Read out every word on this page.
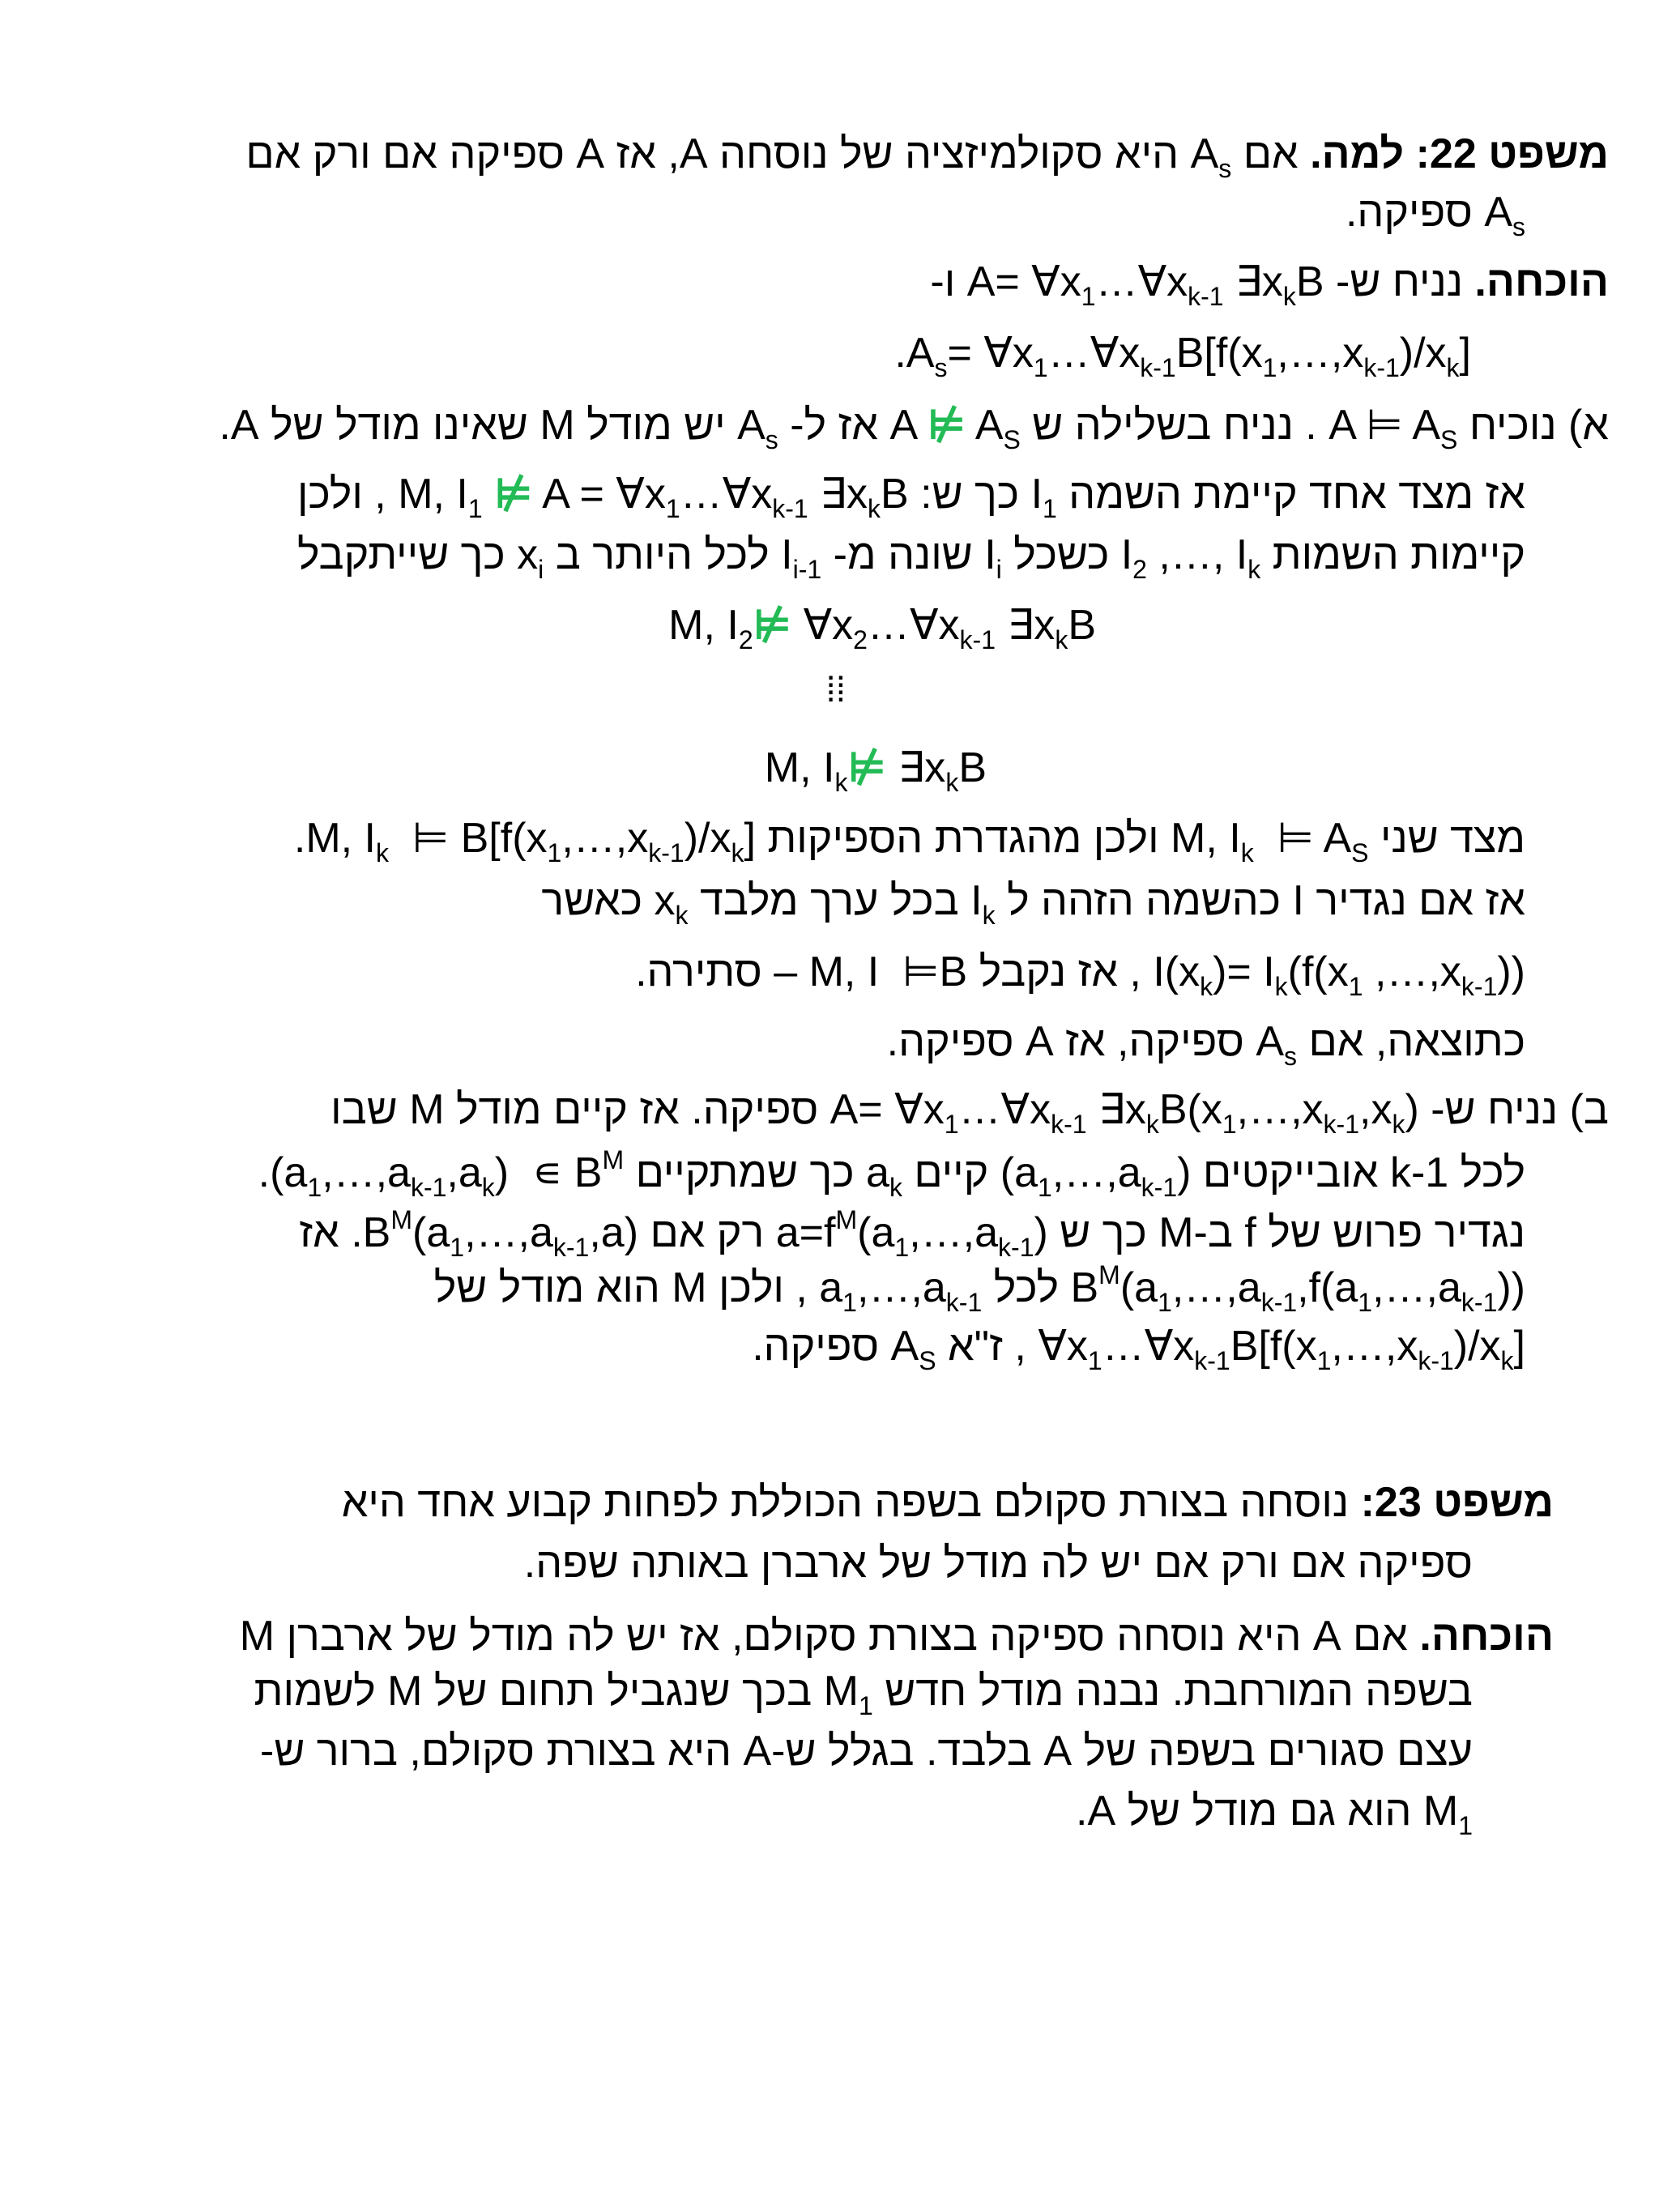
משפט 22: למה. אם $A_s$ היא סקולמיזציה של נוסחה A, אז A ספיקה אם ורק אם
$A_s$ ספיקה.
הוכחה. נניח ש- $A= \forall x_1\dots\forall x_{k-1}$ $\exists x_kB$ ו-
$.A_s=$ $\forall x_1\dots\forall x_{k-1}B[f(x_1,\dots,x_{k-1})/x_k]$
א) נוכיח A ⊨ $A_S$ . נניח בשלילה ש A ⊭ $A_S$ אז ל- $A_s$ יש מודל M שאינו מודל של A.
אז מצד אחד קיימת השמה $I_1$ כך ש: M, $I_1$ ⊭ $A = \forall x_1\dots\forall x_{k-1}$ $\exists x_kB$ , ולכן
קיימות השמות $I_2$ ,…, $I_k$ כשכל $I_i$ שונה מ- $I_{i-1}$ לכל היותר ב $x_i$ כך שייתקבל
M, $I_2⊭$ $\forall x_2\dots\forall x_{k-1}$ $\exists x_kB$
⁞⁞
M, $I_k⊭$ $\exists x_kB$
מצד שני M, $I_k$  ⊨ $A_S$ ולכן מהגדרת הספיקות .M, $I_k$  ⊨ $B[f(x_1,\dots,x_{k-1})/x_k]$
אז אם נגדיר I כהשמה הזהה ל $I_k$ בכל ערך מלבד $x_k$ כאשר
$I(x_k)= I_k(f(x_1$ $,\dots,x_{k-1}$)) , אז נקבל M, I  ⊨B – סתירה.
כתוצאה, אם $A_s$ ספיקה, אז A ספיקה.
ב) נניח ש- $A= \forall x_1\dots\forall x_{k-1}$ $\exists x_kB(x_1,\dots,x_{k-1},x_k)$ ספיקה. אז קיים מודל M שבו
לכל k-1 אובייקטים $(a_1,\dots,a_{k-1})$ קיים $a_k$ כך שמתקיים $.(a_1,\dots,a_{k-1},a_k)$  ∊ $B^M$
נגדיר פרוש של f ב-M כך ש $a=f^M(a_1,\dots,a_{k-1})$ רק אם $.B^M(a_1,\dots,a_{k-1},a)$ אז
$B^M(a_1,\dots,a_{k-1},f(a_1,\dots,a_{k-1}))$ לכל $a_1,\dots,a_{k-1}$ , ולכן M הוא מודל של
$\forall x_1\dots\forall x_{k-1}B[f(x_1,\dots,x_{k-1})/x_k]$ , ז"א $A_S$ ספיקה.
משפט 23: נוסחה בצורת סקולם בשפה הכוללת לפחות קבוע אחד היא
ספיקה אם ורק אם יש לה מודל של ארברן באותה שפה.
הוכחה. אם A היא נוסחה ספיקה בצורת סקולם, אז יש לה מודל של ארברן M
בשפה המורחבת. נבנה מודל חדש $M_1$ בכך שנגביל תחום של M לשמות
עצם סגורים בשפה של A בלבד. בגלל ש-A היא בצורת סקולם, ברור ש-
$M_1$ הוא גם מודל של A.
